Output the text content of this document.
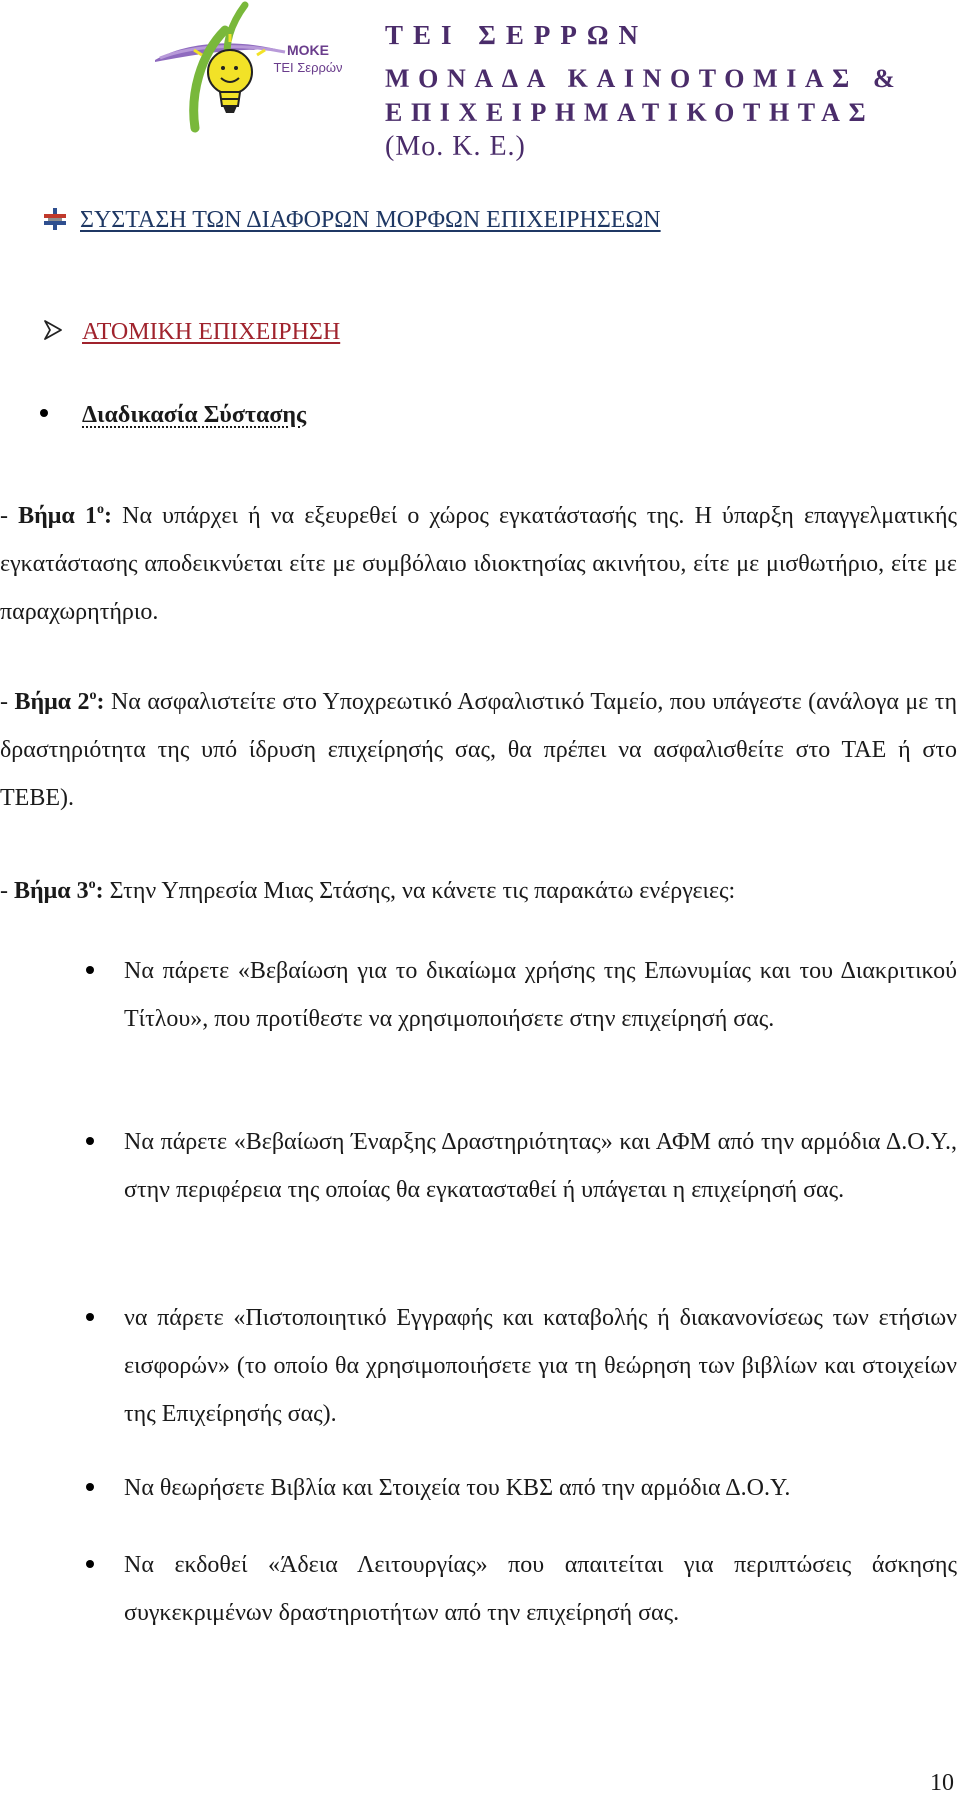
ΜΟΚΕ
ΤΕΙ Σερρών
ΤΕΙ ΣΕΡΡΩΝ
ΜΟΝΑΔΑ ΚΑΙΝΟΤΟΜΙΑΣ &
ΕΠΙΧΕΙΡΗΜΑΤΙΚΟΤΗΤΑΣ
(Μο. Κ. Ε.)
ΣΥΣΤΑΣΗ ΤΩΝ ΔΙΑΦΟΡΩΝ ΜΟΡΦΩΝ ΕΠΙΧΕΙΡΗΣΕΩΝ
ΑΤΟΜΙΚΗ ΕΠΙΧΕΙΡΗΣΗ
Διαδικασία Σύστασης
- Βήμα $1^o$: Να υπάρχει ή να εξευρεθεί ο χώρος εγκατάστασής της. Η ύπαρξη επαγγελματικής εγκατάστασης αποδεικνύεται είτε με συμβόλαιο ιδιοκτησίας ακινήτου, είτε με μισθωτήριο, είτε με παραχωρητήριο.
- Βήμα $2^o$: Να ασφαλιστείτε στο Υποχρεωτικό Ασφαλιστικό Ταμείο, που υπάγεστε (ανάλογα με τη δραστηριότητα της υπό ίδρυση επιχείρησής σας, θα πρέπει να ασφαλισθείτε στο ΤΑΕ ή στο ΤΕΒΕ).
- Βήμα $3^o$: Στην Υπηρεσία Μιας Στάσης, να κάνετε τις παρακάτω ενέργειες:
Να πάρετε «Βεβαίωση για το δικαίωμα χρήσης της Επωνυμίας και του Διακριτικού Τίτλου», που προτίθεστε να χρησιμοποιήσετε στην επιχείρησή σας.
Να πάρετε «Βεβαίωση Έναρξης Δραστηριότητας» και ΑΦΜ από την αρμόδια Δ.Ο.Υ., στην περιφέρεια της οποίας θα εγκατασταθεί ή υπάγεται η επιχείρησή σας.
να πάρετε «Πιστοποιητικό Εγγραφής και καταβολής ή διακανονίσεως των ετήσιων εισφορών» (το οποίο θα χρησιμοποιήσετε για τη θεώρηση των βιβλίων και στοιχείων της Επιχείρησής σας).
Να θεωρήσετε Βιβλία και Στοιχεία του ΚΒΣ από την αρμόδια Δ.Ο.Υ.
Να εκδοθεί «Άδεια Λειτουργίας» που απαιτείται για περιπτώσεις άσκησης συγκεκριμένων δραστηριοτήτων από την επιχείρησή σας.
10
